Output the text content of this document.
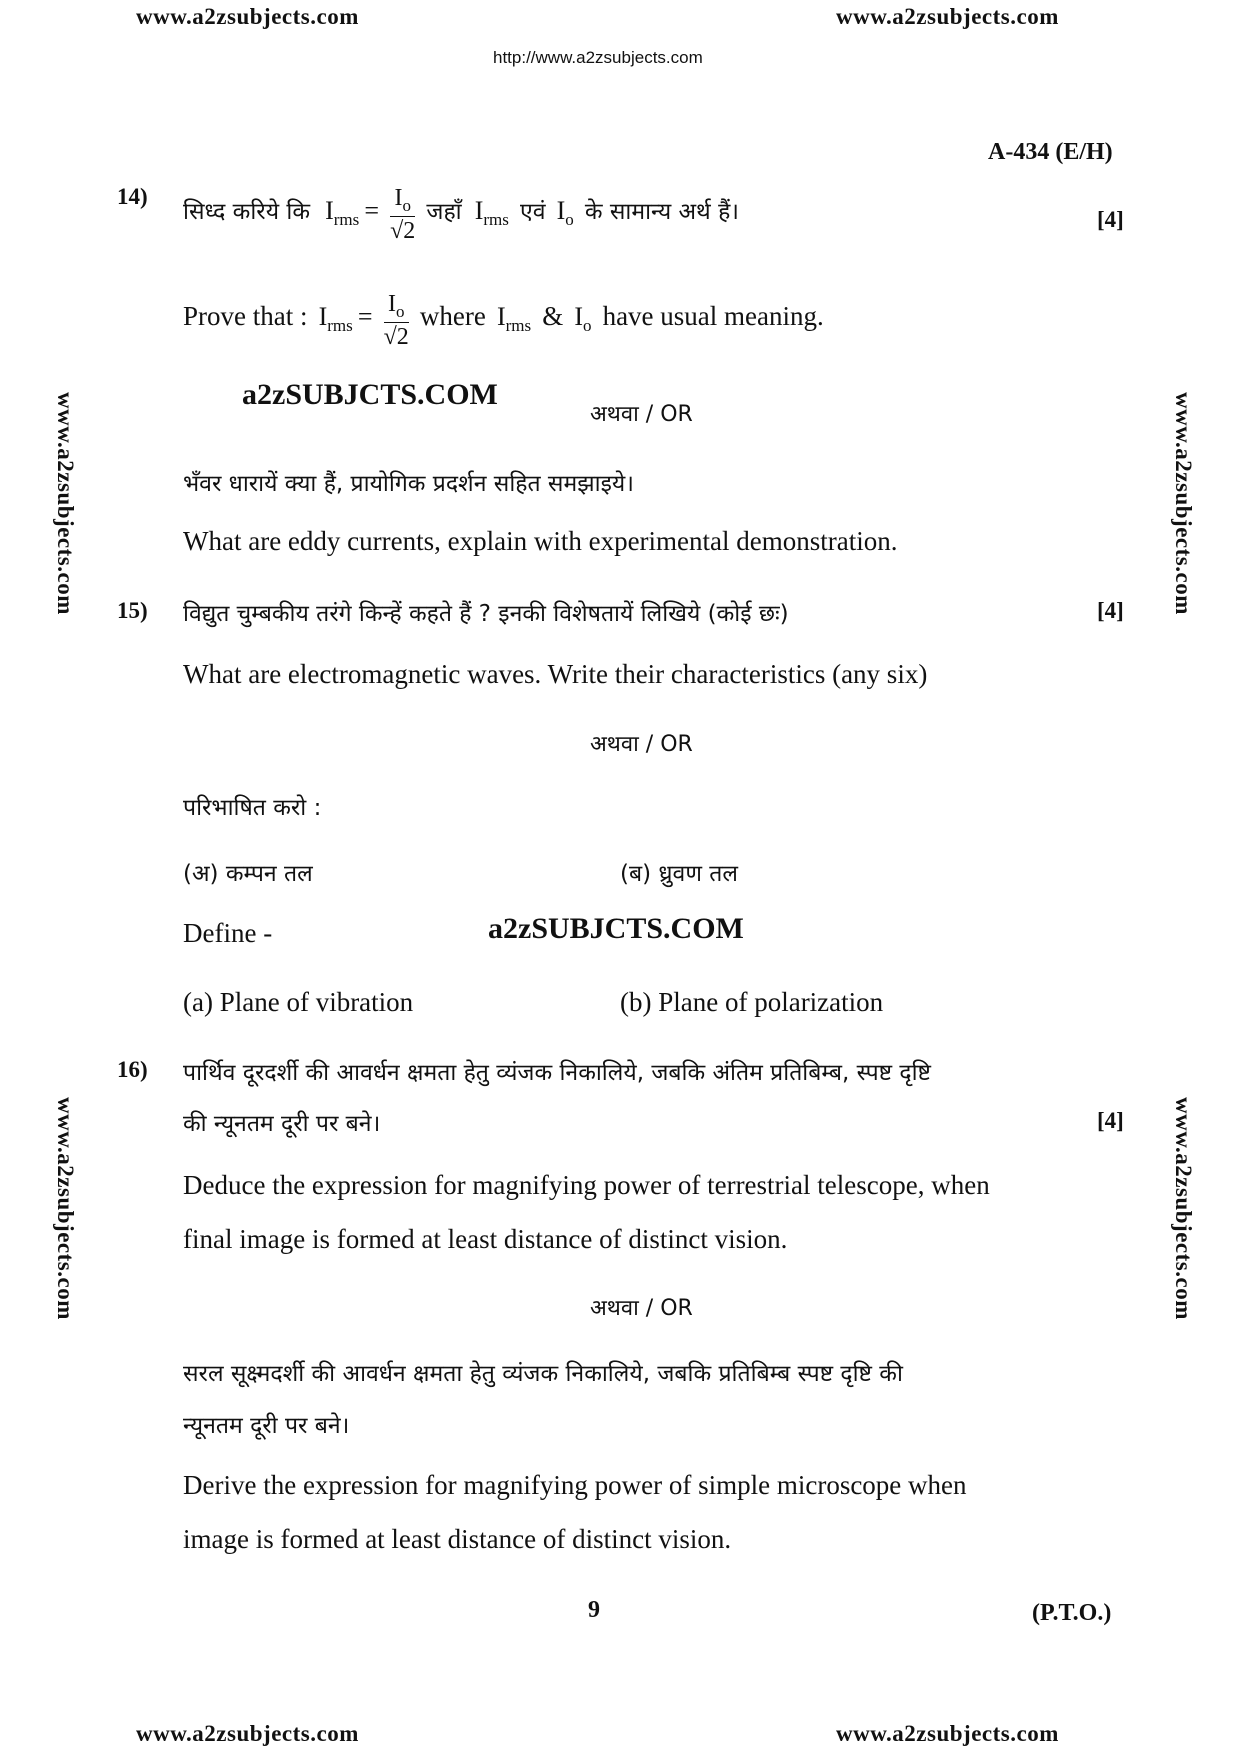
www.a2zsubjects.com	www.a2zsubjects.com
http://www.a2zsubjects.com
A-434 (E/H)
www.a2zsubjects.com
www.a2zsubjects.com
www.a2zsubjects.com
www.a2zsubjects.com
14)
सिध्द करिये कि $I_{rms} = \frac{I_o}{√2}$ जहाँ $I_{rms}$ एवं $I_o$ के सामान्य अर्थ हैं।	[4]
Prove that : $I_{rms} = \frac{I_o}{√2}$ where $I_{rms}$ & $I_o$ have usual meaning.
a2zSUBJCTS.COM
अथवा / OR
भँवर धारायें क्या हैं, प्रायोगिक प्रदर्शन सहित समझाइये।
What are eddy currents, explain with experimental demonstration.
15) विद्युत चुम्बकीय तरंगे किन्हें कहते हैं ? इनकी विशेषतायें लिखिये (कोई छः)	[4]
What are electromagnetic waves. Write their characteristics (any six)
अथवा / OR
परिभाषित करो :
(अ) कम्पन तल	(ब) ध्रुवण तल
Define -	a2zSUBJCTS.COM
(a) Plane of vibration	(b) Plane of polarization
16) पार्थिव दूरदर्शी की आवर्धन क्षमता हेतु व्यंजक निकालिये, जबकि अंतिम प्रतिबिम्ब, स्पष्ट दृष्टि
की न्यूनतम दूरी पर बने।	[4]
Deduce the expression for magnifying power of terrestrial telescope, when
final image is formed at least distance of distinct vision.
अथवा / OR
सरल सूक्ष्मदर्शी की आवर्धन क्षमता हेतु व्यंजक निकालिये, जबकि प्रतिबिम्ब स्पष्ट दृष्टि की
न्यूनतम दूरी पर बने।
Derive the expression for magnifying power of simple microscope when
image is formed at least distance of distinct vision.
9	(P.T.O.)
www.a2zsubjects.com	www.a2zsubjects.com
